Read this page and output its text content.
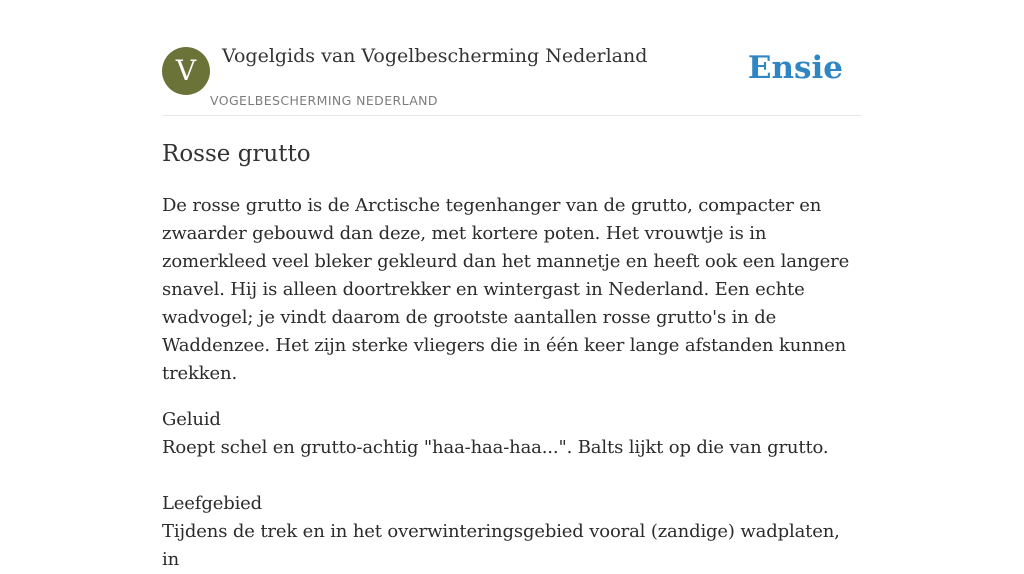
V	Vogelgids van Vogelbescherming Nederland
VOGELBESCHERMING NEDERLAND
Ensie
Rosse grutto

De rosse grutto is de Arctische tegenhanger van de grutto, compacter en zwaarder gebouwd dan deze, met kortere poten. Het vrouwtje is in zomerkleed veel bleker gekleurd dan het mannetje en heeft ook een langere snavel. Hij is alleen doortrekker en wintergast in Nederland. Een echte wadvogel; je vindt daarom de grootste aantallen rosse grutto's in de Waddenzee. Het zijn sterke vliegers die in één keer lange afstanden kunnen trekken.

Geluid
Roept schel en grutto-achtig "haa-haa-haa...". Balts lijkt op die van grutto.
Leefgebied
Tijdens de trek en in het overwinteringsgebied vooral (zandige) wadplaten, in
